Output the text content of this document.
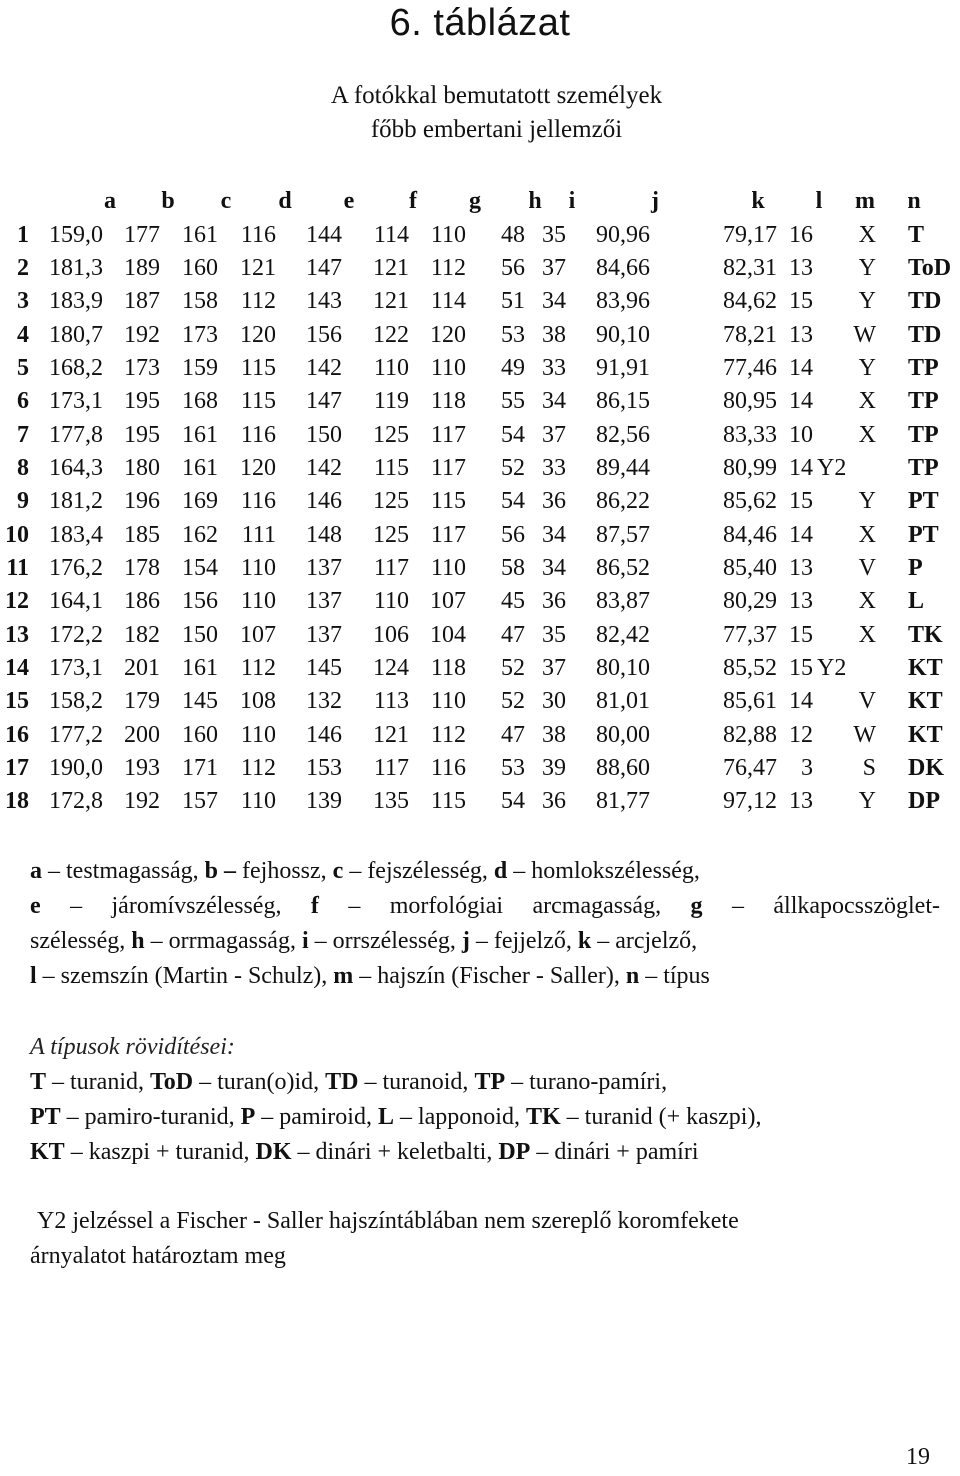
6. táblázat
A fotókkal bemutatott személyek
főbb embertani jellemzői
a b c d e f g h i	j	k l m n
1 159,0 177 161 116 144 114 110 48 35 90,96	79,17 16 X T
2 181,3 189 160 121 147 121 112 56 37 84,66	82,31 13 Y ToD
3 183,9 187 158 112 143 121 114 51 34 83,96	84,62 15 Y TD
4 180,7 192 173 120 156 122 120 53 38 90,10	78,21 13 W TD
5 168,2 173 159 115 142 110 110 49 33 91,91	77,46 14 Y TP
6 173,1 195 168 115 147 119 118 55 34 86,15	80,95 14 X TP
7 177,8 195 161 116 150 125 117 54 37 82,56	83,33 10 X TP
8 164,3 180 161 120 142 115 117 52 33 89,44	80,99 14 Y2	TP
9 181,2 196 169 116 146 125 115 54 36 86,22	85,62 15 Y PT
10 183,4 185 162 111 148 125 117 56 34 87,57	84,46 14 X PT
11 176,2 178 154 110 137 117 110 58 34 86,52	85,40 13 V P
12 164,1 186 156 110 137 110 107 45 36 83,87	80,29 13 X L
13 172,2 182 150 107 137 106 104 47 35 82,42	77,37 15 X TK
14 173,1 201 161 112 145 124 118 52 37 80,10	85,52 15 Y2	KT
15 158,2 179 145 108 132 113 110 52 30 81,01	85,61 14 V KT
16 177,2 200 160 110 146 121 112 47 38 80,00	82,88 12 W KT
17 190,0 193 171 112 153 117 116 53 39 88,60	76,47 3 S DK
18 172,8 192 157 110 139 135 115 54 36 81,77	97,12 13 Y DP
a – testmagasság, b – fejhossz, c – fejszélesség, d – homlokszélesség,
e – járomívszélesség, f – morfológiai arcmagasság, g – állkapocsszöglet-
szélesség, h – orrmagasság, i – orrszélesség, j – fejjelző, k – arcjelző,
l – szemszín (Martin - Schulz), m – hajszín (Fischer - Saller), n – típus
A típusok rövidítései:
T – turanid, ToD – turan(o)id, TD – turanoid, TP – turano-pamíri,
PT – pamiro-turanid, P – pamiroid, L – lapponoid, TK – turanid (+ kaszpi),
KT – kaszpi + turanid, DK – dinári + keletbalti, DP – dinári + pamíri
Y2 jelzéssel a Fischer - Saller hajszíntáblában nem szereplő koromfekete
árnyalatot határoztam meg
19
